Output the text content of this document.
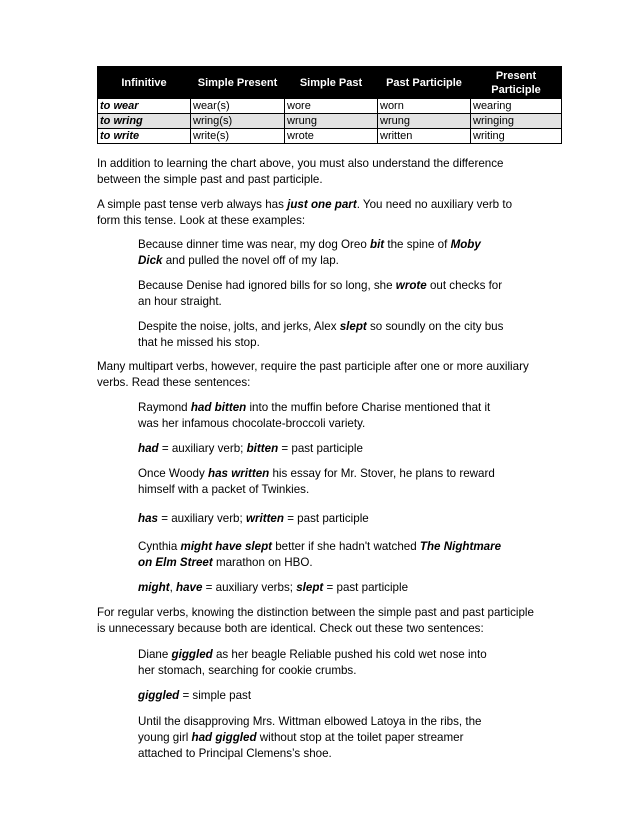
Infinitive	Simple Present	Simple Past	Past Participle	Present Participle
to wear	wear(s)	wore	worn	wearing
to wring	wring(s)	wrung	wrung	wringing
to write	write(s)	wrote	written	writing

In addition to learning the chart above, you must also understand the difference
between the simple past and past participle.

A simple past tense verb always has just one part. You need no auxiliary verb to
form this tense. Look at these examples:

Because dinner time was near, my dog Oreo bit the spine of Moby
Dick and pulled the novel off of my lap.

Because Denise had ignored bills for so long, she wrote out checks for
an hour straight.

Despite the noise, jolts, and jerks, Alex slept so soundly on the city bus
that he missed his stop.

Many multipart verbs, however, require the past participle after one or more auxiliary
verbs. Read these sentences:

Raymond had bitten into the muffin before Charise mentioned that it
was her infamous chocolate-broccoli variety.

had = auxiliary verb; bitten = past participle

Once Woody has written his essay for Mr. Stover, he plans to reward
himself with a packet of Twinkies.

has = auxiliary verb; written = past participle

Cynthia might have slept better if she hadn't watched The Nightmare
on Elm Street marathon on HBO.

might, have = auxiliary verbs; slept = past participle

For regular verbs, knowing the distinction between the simple past and past participle
is unnecessary because both are identical. Check out these two sentences:

Diane giggled as her beagle Reliable pushed his cold wet nose into
her stomach, searching for cookie crumbs.

giggled = simple past

Until the disapproving Mrs. Wittman elbowed Latoya in the ribs, the
young girl had giggled without stop at the toilet paper streamer
attached to Principal Clemens’s shoe.
